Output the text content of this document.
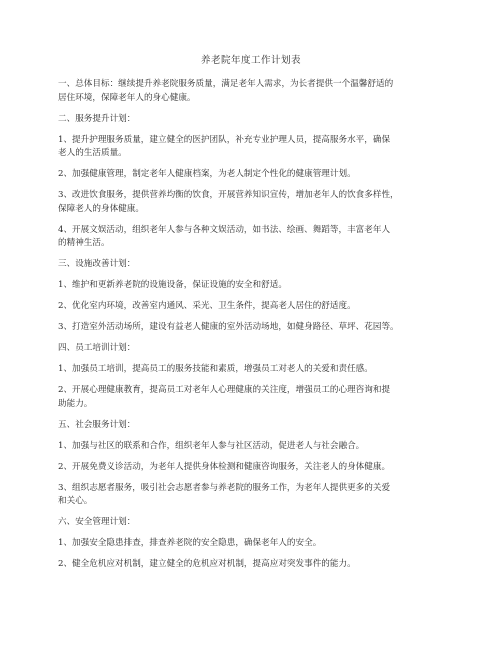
养老院年度工作计划表

一、总体目标：继续提升养老院服务质量，满足老年人需求，为长者提供一个温馨舒适的
居住环境，保障老年人的身心健康。

二、服务提升计划：

1、提升护理服务质量，建立健全的医护团队，补充专业护理人员，提高服务水平，确保
老人的生活质量。

2、加强健康管理，制定老年人健康档案，为老人制定个性化的健康管理计划。

3、改进饮食服务，提供营养均衡的饮食，开展营养知识宣传，增加老年人的饮食多样性，
保障老人的身体健康。

4、开展文娱活动，组织老年人参与各种文娱活动，如书法、绘画、舞蹈等，丰富老年人
的精神生活。

三、设施改善计划：

1、维护和更新养老院的设施设备，保证设施的安全和舒适。

2、优化室内环境，改善室内通风、采光、卫生条件，提高老人居住的舒适度。

3、打造室外活动场所，建设有益老人健康的室外活动场地，如健身路径、草坪、花园等。

四、员工培训计划：

1、加强员工培训，提高员工的服务技能和素质，增强员工对老人的关爱和责任感。

2、开展心理健康教育，提高员工对老年人心理健康的关注度，增强员工的心理咨询和提
助能力。

五、社会服务计划：

1、加强与社区的联系和合作，组织老年人参与社区活动，促进老人与社会融合。

2、开展免费义诊活动，为老年人提供身体检测和健康咨询服务，关注老人的身体健康。

3、组织志愿者服务，吸引社会志愿者参与养老院的服务工作，为老年人提供更多的关爱
和关心。

六、安全管理计划：

1、加强安全隐患排查，排查养老院的安全隐患，确保老年人的安全。

2、健全危机应对机制，建立健全的危机应对机制，提高应对突发事件的能力。
